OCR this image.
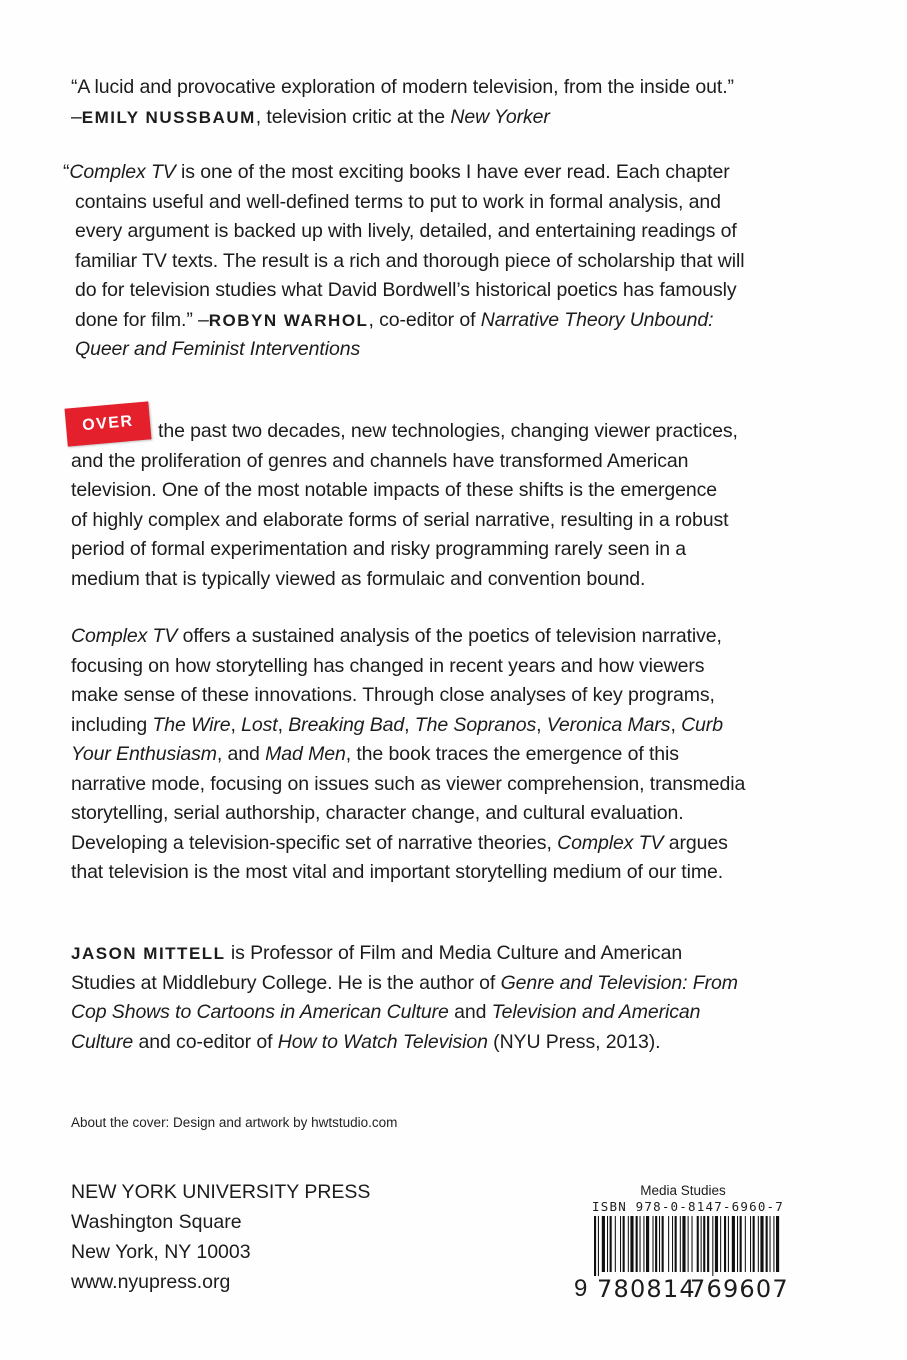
“A lucid and provocative exploration of modern television, from the inside out.”
–EMILY NUSSBAUM, television critic at the New Yorker
“Complex TV is one of the most exciting books I have ever read. Each chapter
contains useful and well-defined terms to put to work in formal analysis, and
every argument is backed up with lively, detailed, and entertaining readings of
familiar TV texts. The result is a rich and thorough piece of scholarship that will
do for television studies what David Bordwell’s historical poetics has famously
done for film.” –ROBYN WARHOL, co-editor of Narrative Theory Unbound:
Queer and Feminist Interventions
OVER	the past two decades, new technologies, changing viewer practices,
and the proliferation of genres and channels have transformed American
television. One of the most notable impacts of these shifts is the emergence
of highly complex and elaborate forms of serial narrative, resulting in a robust
period of formal experimentation and risky programming rarely seen in a
medium that is typically viewed as formulaic and convention bound.
Complex TV offers a sustained analysis of the poetics of television narrative,
focusing on how storytelling has changed in recent years and how viewers
make sense of these innovations. Through close analyses of key programs,
including The Wire, Lost, Breaking Bad, The Sopranos, Veronica Mars, Curb
Your Enthusiasm, and Mad Men, the book traces the emergence of this
narrative mode, focusing on issues such as viewer comprehension, transmedia
storytelling, serial authorship, character change, and cultural evaluation.
Developing a television-specific set of narrative theories, Complex TV argues
that television is the most vital and important storytelling medium of our time.
JASON MITTELL is Professor of Film and Media Culture and American
Studies at Middlebury College. He is the author of Genre and Television: From
Cop Shows to Cartoons in American Culture and Television and American
Culture and co-editor of How to Watch Television (NYU Press, 2013).
About the cover: Design and artwork by hwtstudio.com
NEW YORK UNIVERSITY PRESS
Washington Square
New York, NY 10003
www.nyupress.org
Media Studies
ISBN 978-0-8147-6960-7
9 780814
769607
